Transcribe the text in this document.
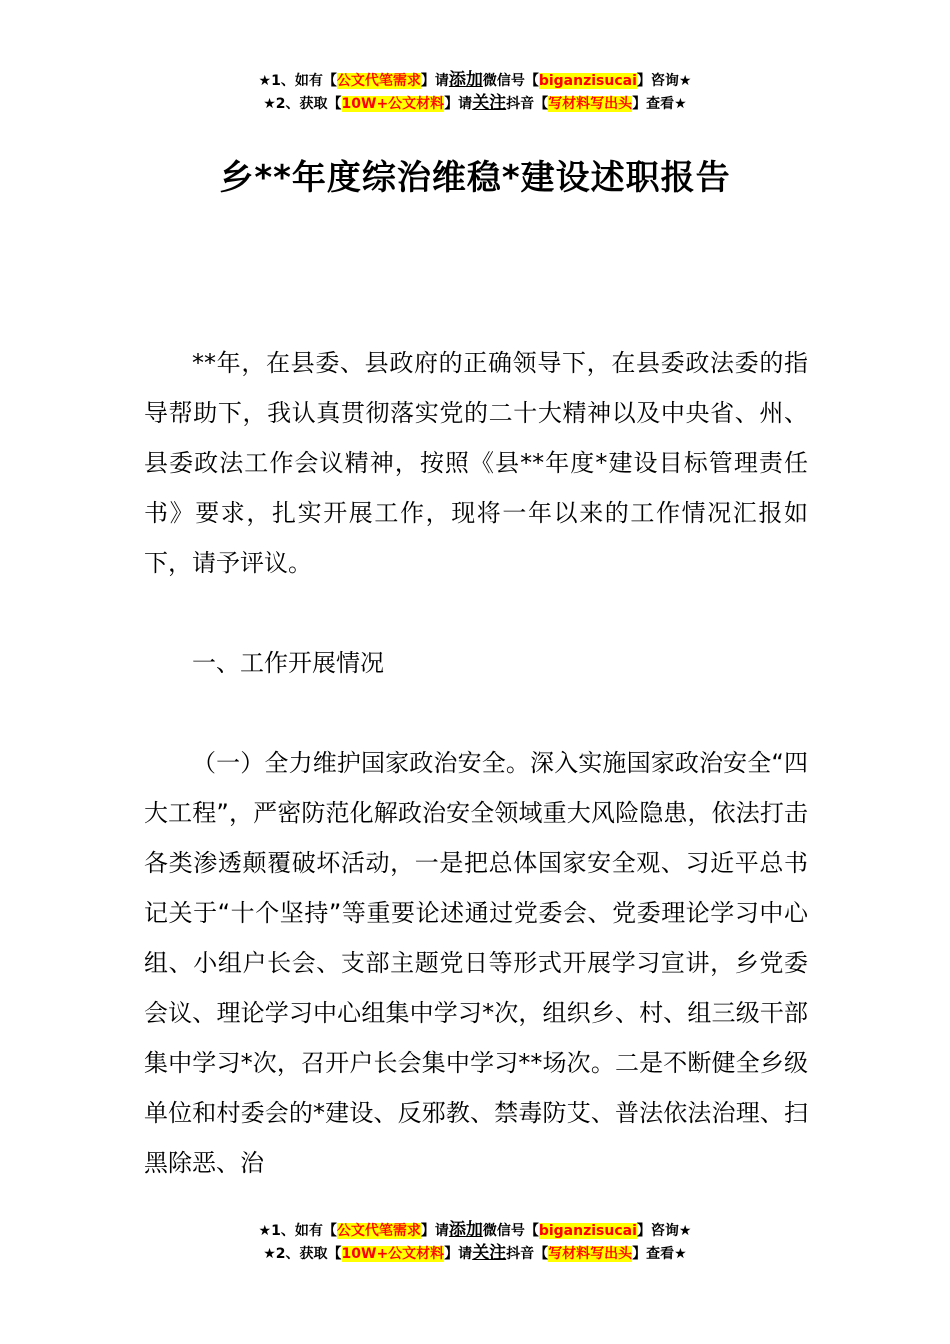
★1、如有【公文代笔需求】请添加微信号【biganzisucai】咨询★
★2、获取【10W+公文材料】请关注抖音【写材料写出头】查看★
乡**年度综治维稳*建设述职报告

**年，在县委、县政府的正确领导下，在县委政法委的指导帮助下，我认真贯彻落实党的二十大精神以及中央省、州、县委政法工作会议精神，按照《县**年度*建设目标管理责任书》要求，扎实开展工作，现将一年以来的工作情况汇报如下，请予评议。

一、工作开展情况

（一）全力维护国家政治安全。深入实施国家政治安全“四大工程”，严密防范化解政治安全领域重大风险隐患，依法打击各类渗透颠覆破坏活动，一是把总体国家安全观、习近平总书记关于“十个坚持”等重要论述通过党委会、党委理论学习中心组、小组户长会、支部主题党日等形式开展学习宣讲，乡党委会议、理论学习中心组集中学习*次，组织乡、村、组三级干部集中学习*次，召开户长会集中学习**场次。二是不断健全乡级单位和村委会的*建设、反邪教、禁毒防艾、普法依法治理、扫黑除恶、治

★1、如有【公文代笔需求】请添加微信号【biganzisucai】咨询★
★2、获取【10W+公文材料】请关注抖音【写材料写出头】查看★
